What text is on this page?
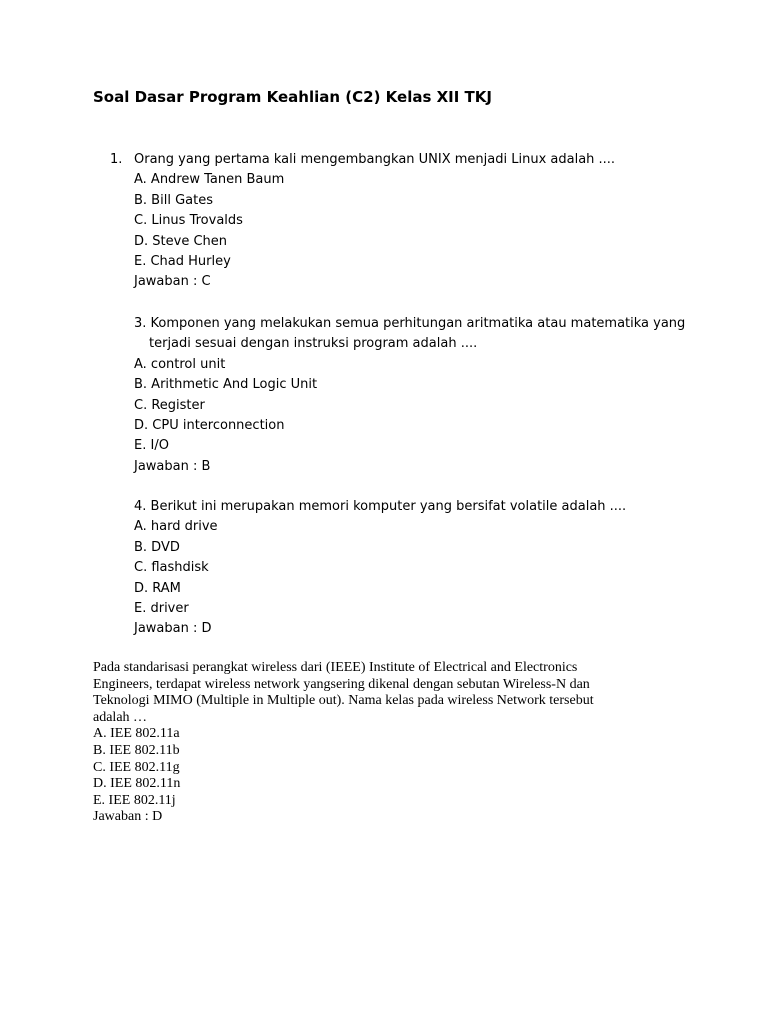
Soal Dasar Program Keahlian (C2) Kelas XII TKJ
1. Orang yang pertama kali mengembangkan UNIX menjadi Linux adalah ....
A. Andrew Tanen Baum
B. Bill Gates
C. Linus Trovalds
D. Steve Chen
E. Chad Hurley
Jawaban : C
3. Komponen yang melakukan semua perhitungan aritmatika atau matematika yang
terjadi sesuai dengan instruksi program adalah ....
A. control unit
B. Arithmetic And Logic Unit
C. Register
D. CPU interconnection
E. I/O
Jawaban : B
4. Berikut ini merupakan memori komputer yang bersifat volatile adalah ....
A. hard drive
B. DVD
C. flashdisk
D. RAM
E. driver
Jawaban : D
Pada standarisasi perangkat wireless dari (IEEE) Institute of Electrical and Electronics
Engineers, terdapat wireless network yangsering dikenal dengan sebutan Wireless-N dan
Teknologi MIMO (Multiple in Multiple out). Nama kelas pada wireless Network tersebut
adalah …
A. IEE 802.11a
B. IEE 802.11b
C. IEE 802.11g
D. IEE 802.11n
E. IEE 802.11j
Jawaban : D
